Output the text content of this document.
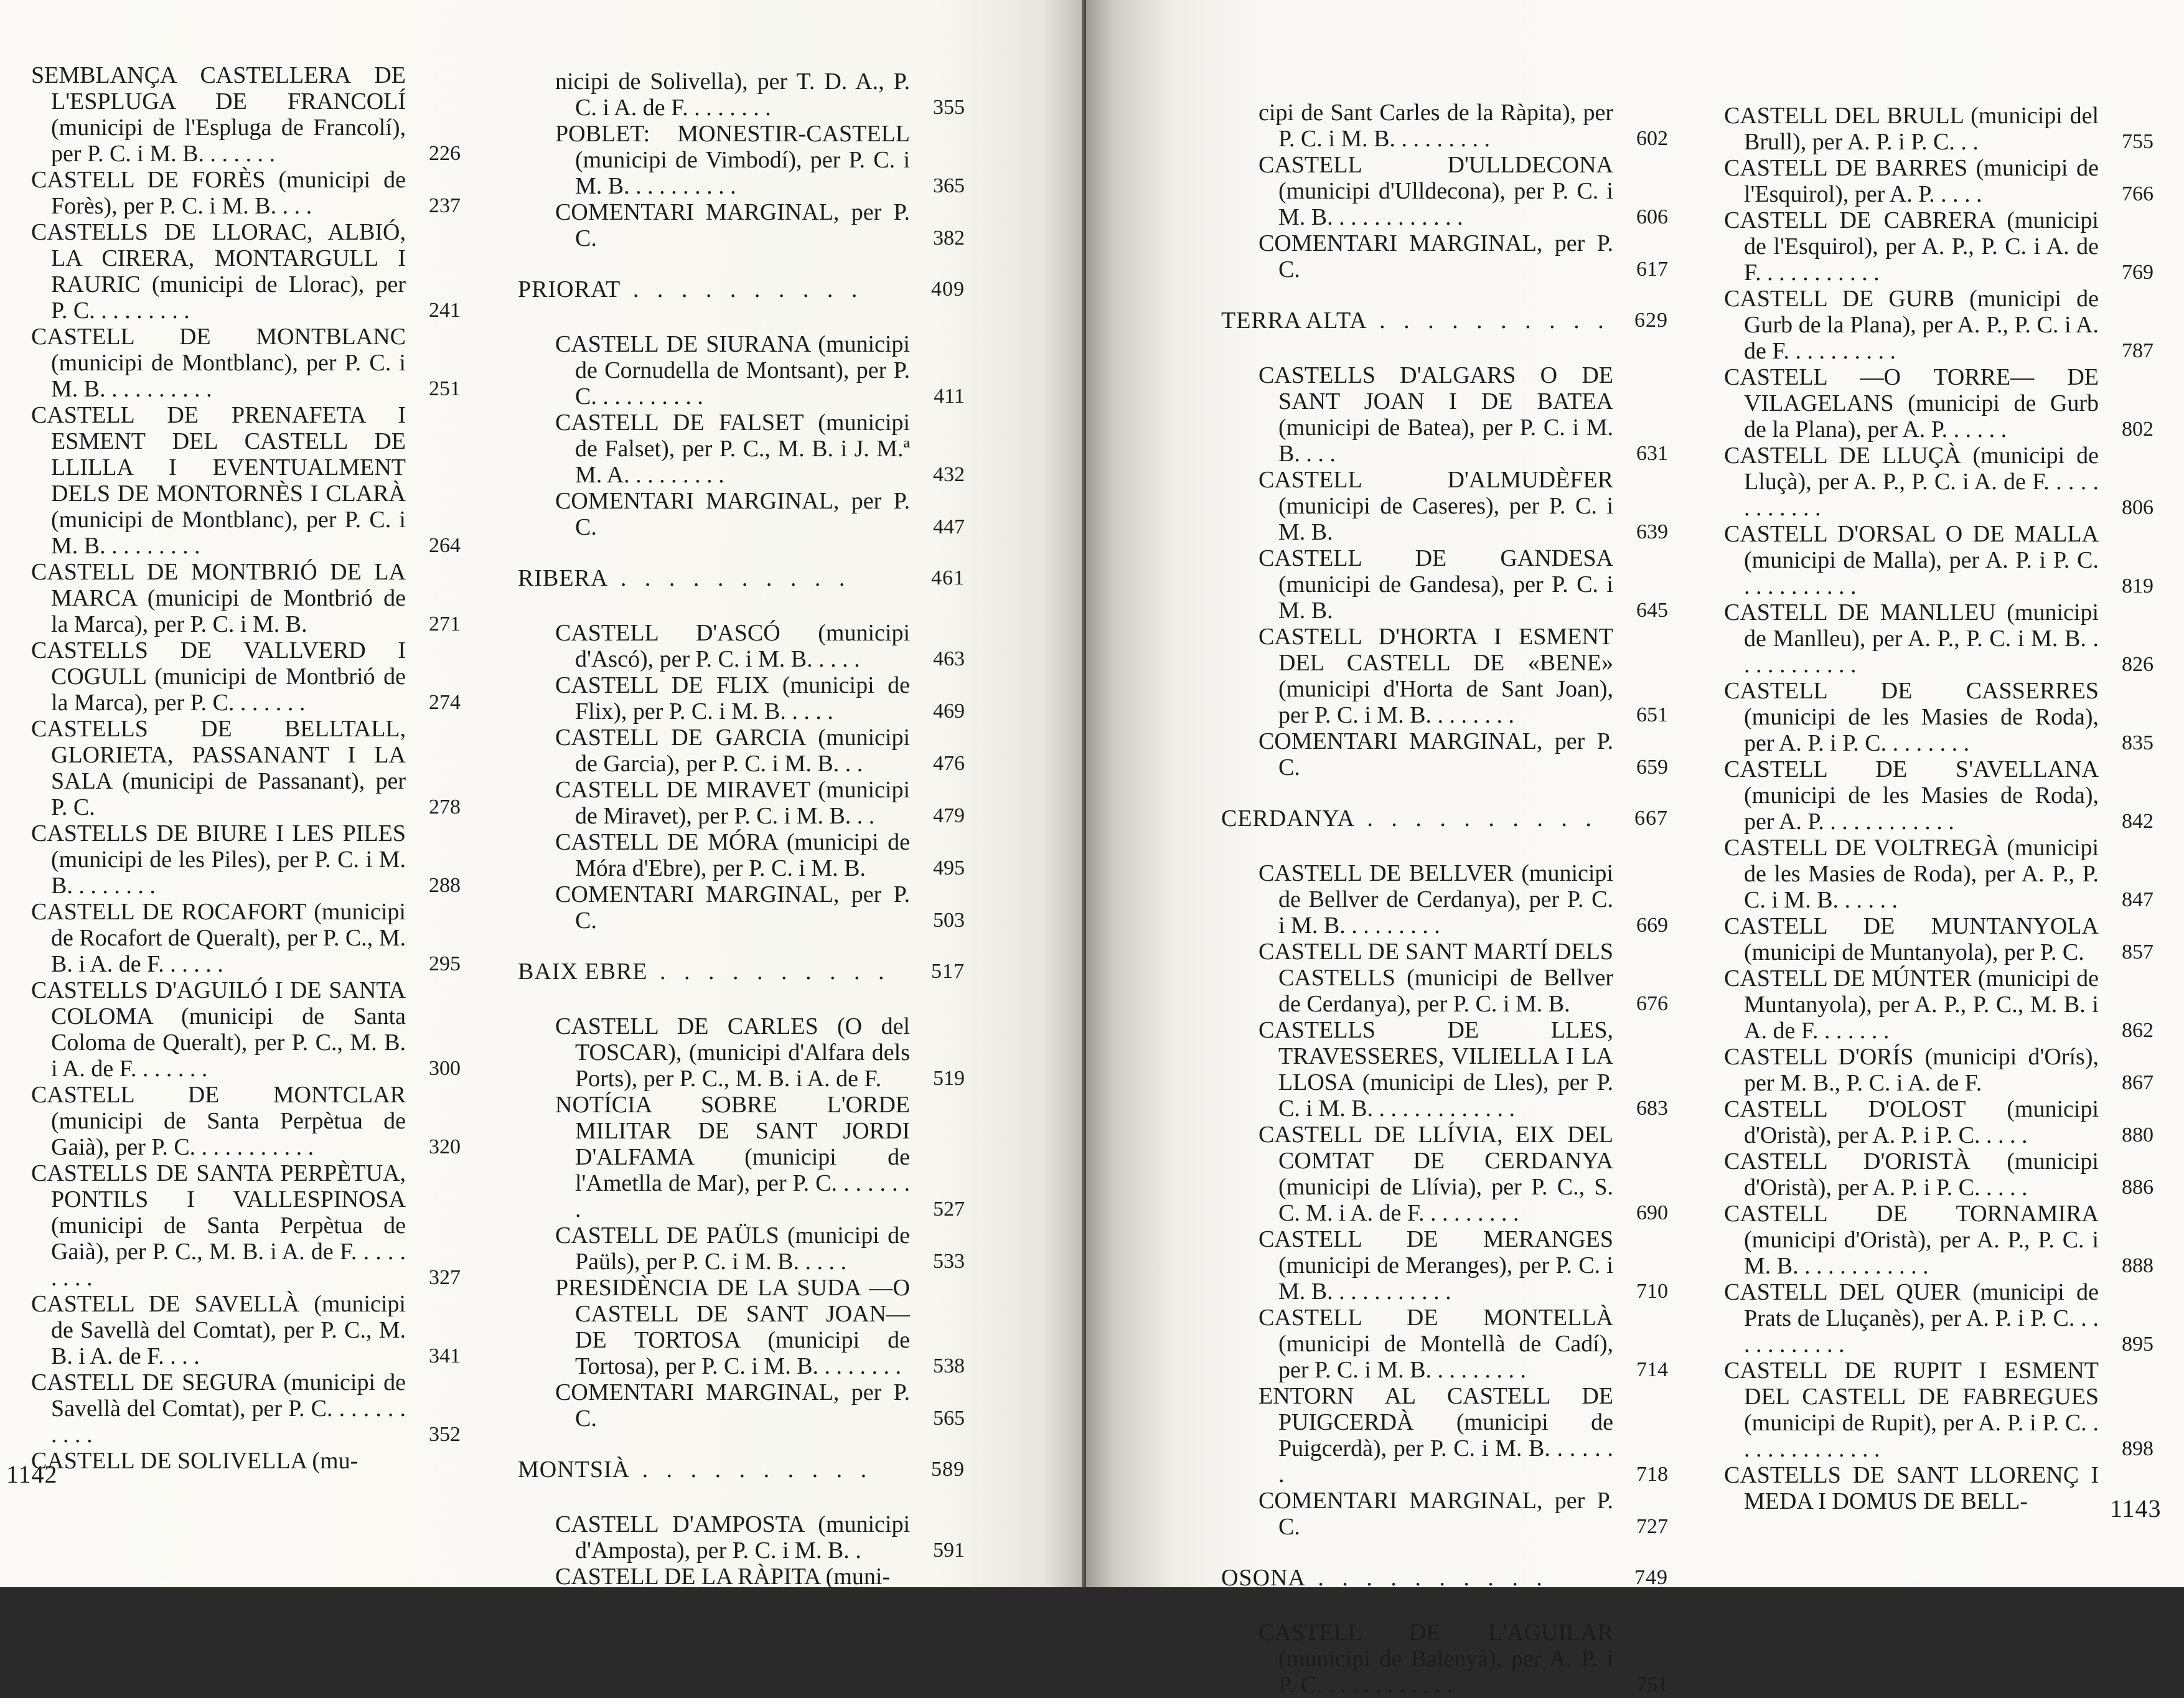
SEMBLANÇA CASTELLERA DE L'ESPLUGA DE FRANCOLÍ (municipi de l'Espluga de Francolí), per P. C. i M. B. . . . . . .	226
CASTELL DE FORÈS (municipi de Forès), per P. C. i M. B. . . .	237
CASTELLS DE LLORAC, ALBIÓ, LA CIRERA, MONTARGULL I RAURIC (municipi de Llorac), per P. C. . . . . . . . .	241
CASTELL DE MONTBLANC (municipi de Montblanc), per P. C. i M. B. . . . . . . . . .	251
CASTELL DE PRENAFETA I ESMENT DEL CASTELL DE LLILLA I EVENTUALMENT DELS DE MONTORNÈS I CLARÀ (municipi de Montblanc), per P. C. i M. B. . . . . . . . .	264
CASTELL DE MONTBRIÓ DE LA MARCA (municipi de Montbrió de la Marca), per P. C. i M. B.	271
CASTELLS DE VALLVERD I COGULL (municipi de Montbrió de la Marca), per P. C. . . . . . .	274
CASTELLS DE BELLTALL, GLORIETA, PASSANANT I LA SALA (municipi de Passanant), per P. C.	278
CASTELLS DE BIURE I LES PILES (municipi de les Piles), per P. C. i M. B. . . . . . . .	288
CASTELL DE ROCAFORT (municipi de Rocafort de Queralt), per P. C., M. B. i A. de F. . . . . .	295
CASTELLS D'AGUILÓ I DE SANTA COLOMA (municipi de Santa Coloma de Queralt), per P. C., M. B. i A. de F. . . . . . .	300
CASTELL DE MONTCLAR (municipi de Santa Perpètua de Gaià), per P. C. . . . . . . . . . .	320
CASTELLS DE SANTA PERPÈTUA, PONTILS I VALLESPINOSA (municipi de Santa Perpètua de Gaià), per P. C., M. B. i A. de F. . . . . . . . .	327
CASTELL DE SAVELLÀ (municipi de Savellà del Comtat), per P. C., M. B. i A. de F. . . .	341
CASTELL DE SEGURA (municipi de Savellà del Comtat), per P. C. . . . . . . . . . .	352
CASTELL DE SOLIVELLA (mu-
nicipi de Solivella), per T. D. A., P. C. i A. de F. . . . . . . .	355
POBLET: MONESTIR-CASTELL (municipi de Vimbodí), per P. C. i M. B. . . . . . . . . .	365
COMENTARI MARGINAL, per P. C.	382
PRIORAT . . . . . . . . . .	409
CASTELL DE SIURANA (municipi de Cornudella de Montsant), per P. C. . . . . . . . . .	411
CASTELL DE FALSET (municipi de Falset), per P. C., M. B. i J. M.ª M. A. . . . . . . . .	432
COMENTARI MARGINAL, per P. C.	447
RIBERA . . . . . . . . . .	461
CASTELL D'ASCÓ (municipi d'Ascó), per P. C. i M. B. . . . .	463
CASTELL DE FLIX (municipi de Flix), per P. C. i M. B. . . . .	469
CASTELL DE GARCIA (municipi de Garcia), per P. C. i M. B. . .	476
CASTELL DE MIRAVET (municipi de Miravet), per P. C. i M. B. . .	479
CASTELL DE MÓRA (municipi de Móra d'Ebre), per P. C. i M. B.	495
COMENTARI MARGINAL, per P. C.	503
BAIX EBRE . . . . . . . . . . 517
CASTELL DE CARLES (O del TOSCAR), (municipi d'Alfara dels Ports), per P. C., M. B. i A. de F. 519
NOTÍCIA SOBRE L'ORDE MILITAR DE SANT JORDI D'ALFAMA (municipi de l'Ametlla de Mar), per P. C. . . . . . . .	527
CASTELL DE PAÜLS (municipi de Paüls), per P. C. i M. B. . . . .	533
PRESIDÈNCIA DE LA SUDA —O CASTELL DE SANT JOAN— DE TORTOSA (municipi de Tortosa), per P. C. i M. B. . . . . . . . 538
COMENTARI MARGINAL, per P. C.	565
MONTSIÀ . . . . . . . . . .	589
CASTELL D'AMPOSTA (municipi d'Amposta), per P. C. i M. B. .	591
CASTELL DE LA RÀPITA (muni-
1142
cipi de Sant Carles de la Ràpita), per P. C. i M. B. . . . . . . . .	602
CASTELL D'ULLDECONA (municipi d'Ulldecona), per P. C. i M. B. . . . . . . . . . . .	606
COMENTARI MARGINAL, per P. C.	617
TERRA ALTA . . . . . . . . . . 629
CASTELLS D'ALGARS O DE SANT JOAN I DE BATEA (municipi de Batea), per P. C. i M. B. . . .	631
CASTELL D'ALMUDÈFER (municipi de Caseres), per P. C. i M. B.	639
CASTELL DE GANDESA (municipi de Gandesa), per P. C. i M. B.	645
CASTELL D'HORTA I ESMENT DEL CASTELL DE «BENE» (municipi d'Horta de Sant Joan), per P. C. i M. B. . . . . . . .	651
COMENTARI MARGINAL, per P. C.	659
CERDANYA . . . . . . . . . . 667
CASTELL DE BELLVER (municipi de Bellver de Cerdanya), per P. C. i M. B. . . . . . . . .	669
CASTELL DE SANT MARTÍ DELS CASTELLS (municipi de Bellver de Cerdanya), per P. C. i M. B.	676
CASTELLS DE LLES, TRAVESSERES, VILIELLA I LA LLOSA (municipi de Lles), per P. C. i M. B. . . . . . . . . . . . .	683
CASTELL DE LLÍVIA, EIX DEL COMTAT DE CERDANYA (municipi de Llívia), per P. C., S. C. M. i A. de F. . . . . . . . .	690
CASTELL DE MERANGES (municipi de Meranges), per P. C. i M. B. . . . . . . . . . .	710
CASTELL DE MONTELLÀ (municipi de Montellà de Cadí), per P. C. i M. B. . . . . . . . .	714
ENTORN AL CASTELL DE PUIGCERDÀ (municipi de Puigcerdà), per P. C. i M. B. . . . . . .	718
COMENTARI MARGINAL, per P. C.	727
OSONA . . . . . . . . . .	749
CASTELL DE L'AGUILAR (municipi de Balenyà), per A. P. i P. C. . . . . . . . . . . .	751
CASTELL DEL BRULL (municipi del Brull), per A. P. i P. C. . .	755
CASTELL DE BARRES (municipi de l'Esquirol), per A. P. . . . .	766
CASTELL DE CABRERA (municipi de l'Esquirol), per A. P., P. C. i A. de F. . . . . . . . . . .	769
CASTELL DE GURB (municipi de Gurb de la Plana), per A. P., P. C. i A. de F. . . . . . . . . .	787
CASTELL —O TORRE— DE VILAGELANS (municipi de Gurb de la Plana), per A. P. . . . . .	802
CASTELL DE LLUÇÀ (municipi de Lluçà), per A. P., P. C. i A. de F. . . . . . . . . . . .	806
CASTELL D'ORSAL O DE MALLA (municipi de Malla), per A. P. i P. C. . . . . . . . . . .	819
CASTELL DE MANLLEU (municipi de Manlleu), per A. P., P. C. i M. B. . . . . . . . . . . .	826
CASTELL DE CASSERRES (municipi de les Masies de Roda), per A. P. i P. C. . . . . . . .	835
CASTELL DE S'AVELLANA (municipi de les Masies de Roda), per A. P. . . . . . . . . . . .	842
CASTELL DE VOLTREGÀ (municipi de les Masies de Roda), per A. P., P. C. i M. B. . . . . .	847
CASTELL DE MUNTANYOLA (municipi de Muntanyola), per P. C. 857
CASTELL DE MÚNTER (municipi de Muntanyola), per A. P., P. C., M. B. i A. de F. . . . . . .	862
CASTELL D'ORÍS (municipi d'Orís), per M. B., P. C. i A. de F.	867
CASTELL D'OLOST (municipi d'Oristà), per A. P. i P. C. . . . .	880
CASTELL D'ORISTÀ (municipi d'Oristà), per A. P. i P. C. . . . .	886
CASTELL DE TORNAMIRA (municipi d'Oristà), per A. P., P. C. i M. B. . . . . . . . . . . .	888
CASTELL DEL QUER (municipi de Prats de Lluçanès), per A. P. i P. C. . . . . . . . . . . .	895
CASTELL DE RUPIT I ESMENT DEL CASTELL DE FABREGUES (municipi de Rupit), per A. P. i P. C. . . . . . . . . . . . . .	898
CASTELLS DE SANT LLORENÇ I MEDA I DOMUS DE BELL-	1143
